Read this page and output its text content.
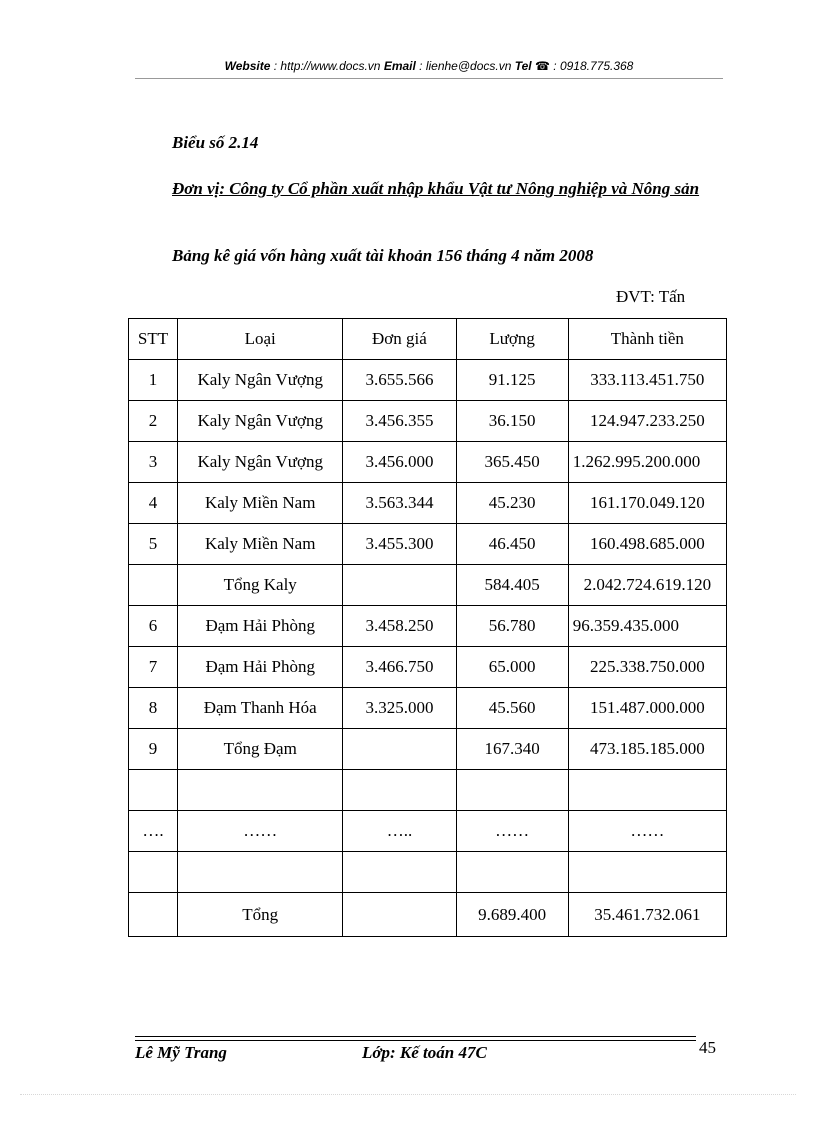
Website : http://www.docs.vn Email : lienhe@docs.vn Tel ☎ : 0918.775.368
Biểu số 2.14
Đơn vị: Công ty Cổ phần xuất nhập khẩu Vật tư Nông nghiệp và Nông sản
Bảng kê giá vốn hàng xuất tài khoản 156 tháng 4 năm 2008
ĐVT: Tấn
STT	Loại	Đơn giá	Lượng	Thành tiền
1	Kaly Ngân Vượng	3.655.566	91.125	333.113.451.750
2	Kaly Ngân Vượng	3.456.355	36.150	124.947.233.250
3	Kaly Ngân Vượng	3.456.000	365.450	1.262.995.200.000
4	Kaly Miền Nam	3.563.344	45.230	161.170.049.120
5	Kaly Miền Nam	3.455.300	46.450	160.498.685.000
	Tổng Kaly		584.405	2.042.724.619.120
6	Đạm Hải Phòng	3.458.250	56.780	96.359.435.000
7	Đạm Hải Phòng	3.466.750	65.000	225.338.750.000
8	Đạm Thanh Hóa	3.325.000	45.560	151.487.000.000
9	Tổng Đạm		167.340	473.185.185.000

….	……	…..	……	……

	Tổng		9.689.400	35.461.732.061
Lê Mỹ Trang	Lớp: Kế toán 47C	45
